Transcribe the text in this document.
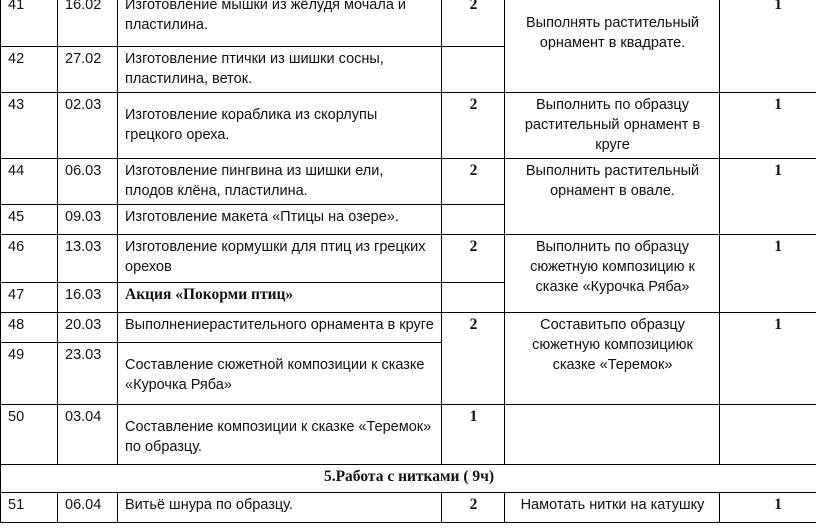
41	16.02	Изготовление мышки из жёлудя мочала и пластилина.	2	Выполнять растительный орнамент в квадрате.	1
42	27.02	Изготовление птички из шишки сосны, пластилина, веток.			
43	02.03	Изготовление кораблика из скорлупы грецкого ореха.	2	Выполнить по образцу растительный орнамент в круге	1
44	06.03	Изготовление пингвина из шишки ели, плодов клёна, пластилина.	2	Выполнить растительный орнамент в овале.	1
45	09.03	Изготовление макета «Птицы на озере».			
46	13.03	Изготовление кормушки для птиц из грецких орехов	2	Выполнить по образцу сюжетную композицию к сказке «Курочка Ряба»	1
47	16.03	Акция «Покорми птиц»			
48	20.03	Выполнениерастительного орнамента в круге	2	Составитьпо образцу сюжетную композициюк сказке «Теремок»	1
49	23.03	Составление сюжетной композиции к сказке «Курочка Ряба»			
50	03.04	Составление композиции к сказке «Теремок» по образцу.	1		
5.Работа с нитками ( 9ч)					
51	06.04	Витьё шнура по образцу.	2	Намотать нитки на катушку	1
